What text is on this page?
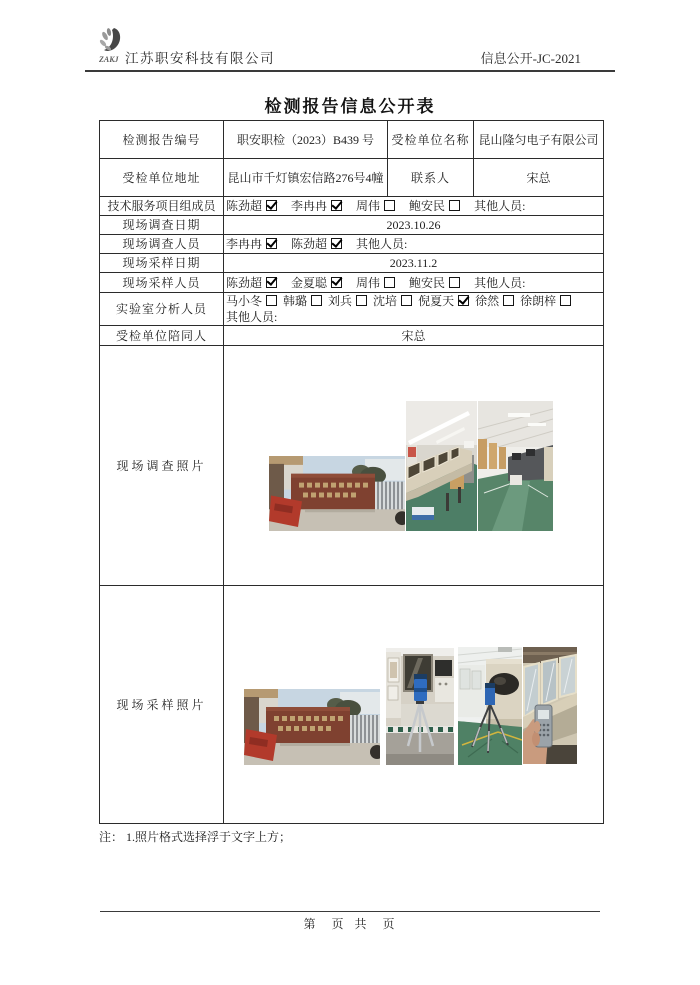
ZAKJ 江苏职安科技有限公司	信息公开-JC-2021
检测报告信息公开表
检测报告编号	职安职检（2023）B439 号	受检单位名称	昆山隆匀电子有限公司
受检单位地址	昆山市千灯镇宏信路276号4幢	联系人	宋总
技术服务项目组成员	陈劲超 李冉冉 周伟 鲍安民 其他人员:		
现场调查日期	2023.10.26		
现场调查人员	李冉冉 陈劲超 其他人员:		
现场采样日期	2023.11.2		
现场采样人员	陈劲超 金夏聪 周伟 鲍安民 其他人员:		
实验室分析人员	马小冬 韩璐 刘兵 沈培 倪夏天 徐然 徐朗梓
其他人员:		

受检单位陪同人	宋总		
现场调查照片	

现场采样照片	
注： 1.照片格式选择浮于文字上方；
第　页 共　页
